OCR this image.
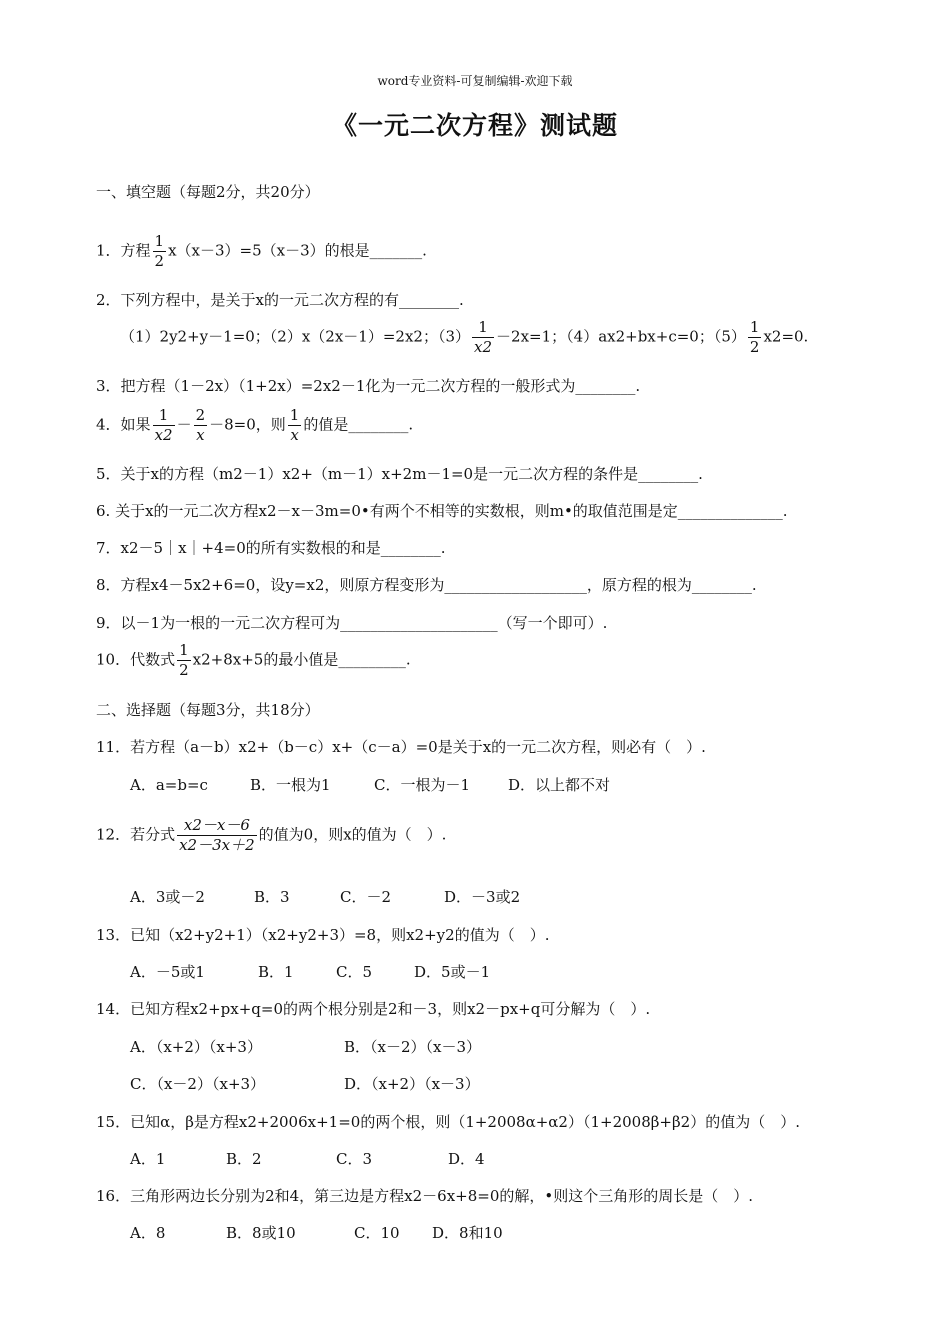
word专业资料-可复制编辑-欢迎下载
《一元二次方程》测试题
一、填空题（每题2分，共20分）
1．方程 $\frac{1}{2} x(x-3)=5(x-3)$的根是_______.
2．下列方程中，是关于x的一元二次方程的有________.
（1）2y2+y－1=0；（2）x（2x－1）=2x2；$(3) \frac{1}{x2} -2x=1$；（4）ax2+bx+c=0；$(5) \frac{1}{2} x2=0$.
3．把方程（1－2x）（1+2x）=2x2－1化为一元二次方程的一般形式为________.
4．如果 $\frac{1}{x2} - \frac{2}{x} -8=0$，则 $\frac{1}{x}$ 的值是________.
5．关于x的方程（m2－1）x2+（m－1）x+2m－1=0是一元二次方程的条件是________.
6. 关于x的一元二次方程x2－x－3m=0•有两个不相等的实数根，则m•的取值范围是定______________.
7．x2－5｜x｜+4=0的所有实数根的和是________.
8．方程x4－5x2+6=0，设y=x2，则原方程变形为___________________，原方程的根为________.
9．以－1为一根的一元二次方程可为_____________________（写一个即可）.
10．代数式 $\frac{1}{2} x2+8x+5$的最小值是_________.
二、选择题（每题3分，共18分）
11．若方程（a－b）x2+（b－c）x+（c－a）=0是关于x的一元二次方程，则必有（　）.
A．a=b=c	B．一根为1	C．一根为－1	D．以上都不对
12．若分式 $\frac{x2-x-6}{x2-3x+2}$ 的值为0，则x的值为（　）.
A．3或－2	B．3	C．－2	D．－3或2
13．已知（x2+y2+1）（x2+y2+3）=8，则x2+y2的值为（　）.
A．－5或1	B．1	C．5	D．5或－1
14．已知方程x2+px+q=0的两个根分别是2和－3，则x2－px+q可分解为（　）.
A．（x+2）（x+3）	B．（x－2）（x－3）
C．（x－2）（x+3）	D．（x+2）（x－3）
15．已知α，β是方程x2+2006x+1=0的两个根，则（1+2008α+α2）（1+2008β+β2）的值为（　）.
A．1	B．2	C．3	D．4
16．三角形两边长分别为2和4，第三边是方程x2－6x+8=0的解，•则这个三角形的周长是（　）.
A．8	B．8或10	C．10 D．8和10
